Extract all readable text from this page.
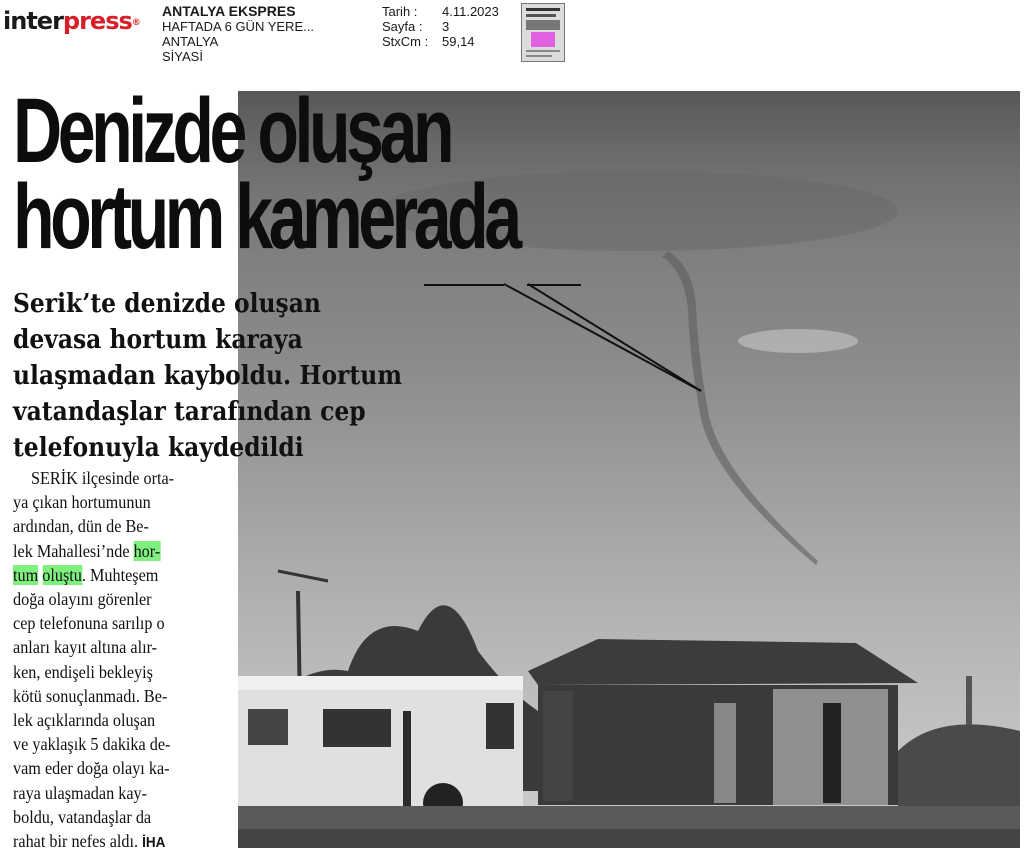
interpress®
ANTALYA EKSPRES
HAFTADA 6 GÜN YERE...
ANTALYA
SİYASİ
Tarih :	4.11.2023
Sayfa :	3
StxCm :	59,14
Denizde oluşan
hortum kamerada
Serik’te denizde oluşan
devasa hortum karaya
ulaşmadan kayboldu. Hortum
vatandaşlar tarafından cep
telefonuyla kaydedildi
SERİK ilçesinde orta-
ya çıkan hortumunun
ardından, dün de Be-
lek Mahallesi’nde hor-
tum oluştu. Muhteşem
doğa olayını görenler
cep telefonuna sarılıp o
anları kayıt altına alır-
ken, endişeli bekleyiş
kötü sonuçlanmadı. Be-
lek açıklarında oluşan
ve yaklaşık 5 dakika de-
vam eder doğa olayı ka-
raya ulaşmadan kay-
boldu, vatandaşlar da
rahat bir nefes aldı. İHA
